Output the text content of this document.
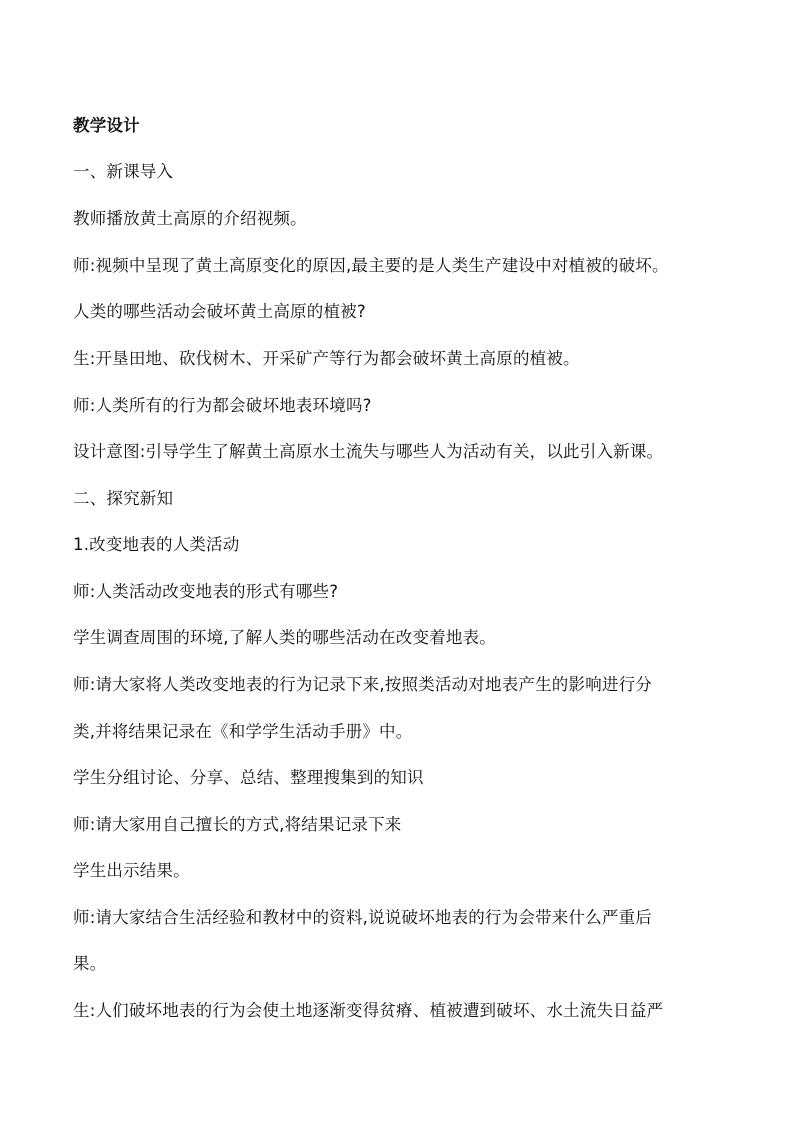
教学设计
一、新课导入
教师播放黄土高原的介绍视频。
师:视频中呈现了黄土高原变化的原因,最主要的是人类生产建设中对植被的破坏。
人类的哪些活动会破坏黄土高原的植被?
生:开垦田地、砍伐树木、开采矿产等行为都会破坏黄土高原的植被。
师:人类所有的行为都会破坏地表环境吗?
设计意图:引导学生了解黄土高原水土流失与哪些人为活动有关，以此引入新课。
二、探究新知
1.改变地表的人类活动
师:人类活动改变地表的形式有哪些?
学生调查周围的环境,了解人类的哪些活动在改变着地表。
师:请大家将人类改变地表的行为记录下来,按照类活动对地表产生的影响进行分
类,并将结果记录在《和学学生活动手册》中。
学生分组讨论、分享、总结、整理搜集到的知识
师:请大家用自己擅长的方式,将结果记录下来
学生出示结果。
师:请大家结合生活经验和教材中的资料,说说破坏地表的行为会带来什么严重后
果。
生:人们破坏地表的行为会使土地逐渐变得贫瘠、植被遭到破坏、水土流失日益严
